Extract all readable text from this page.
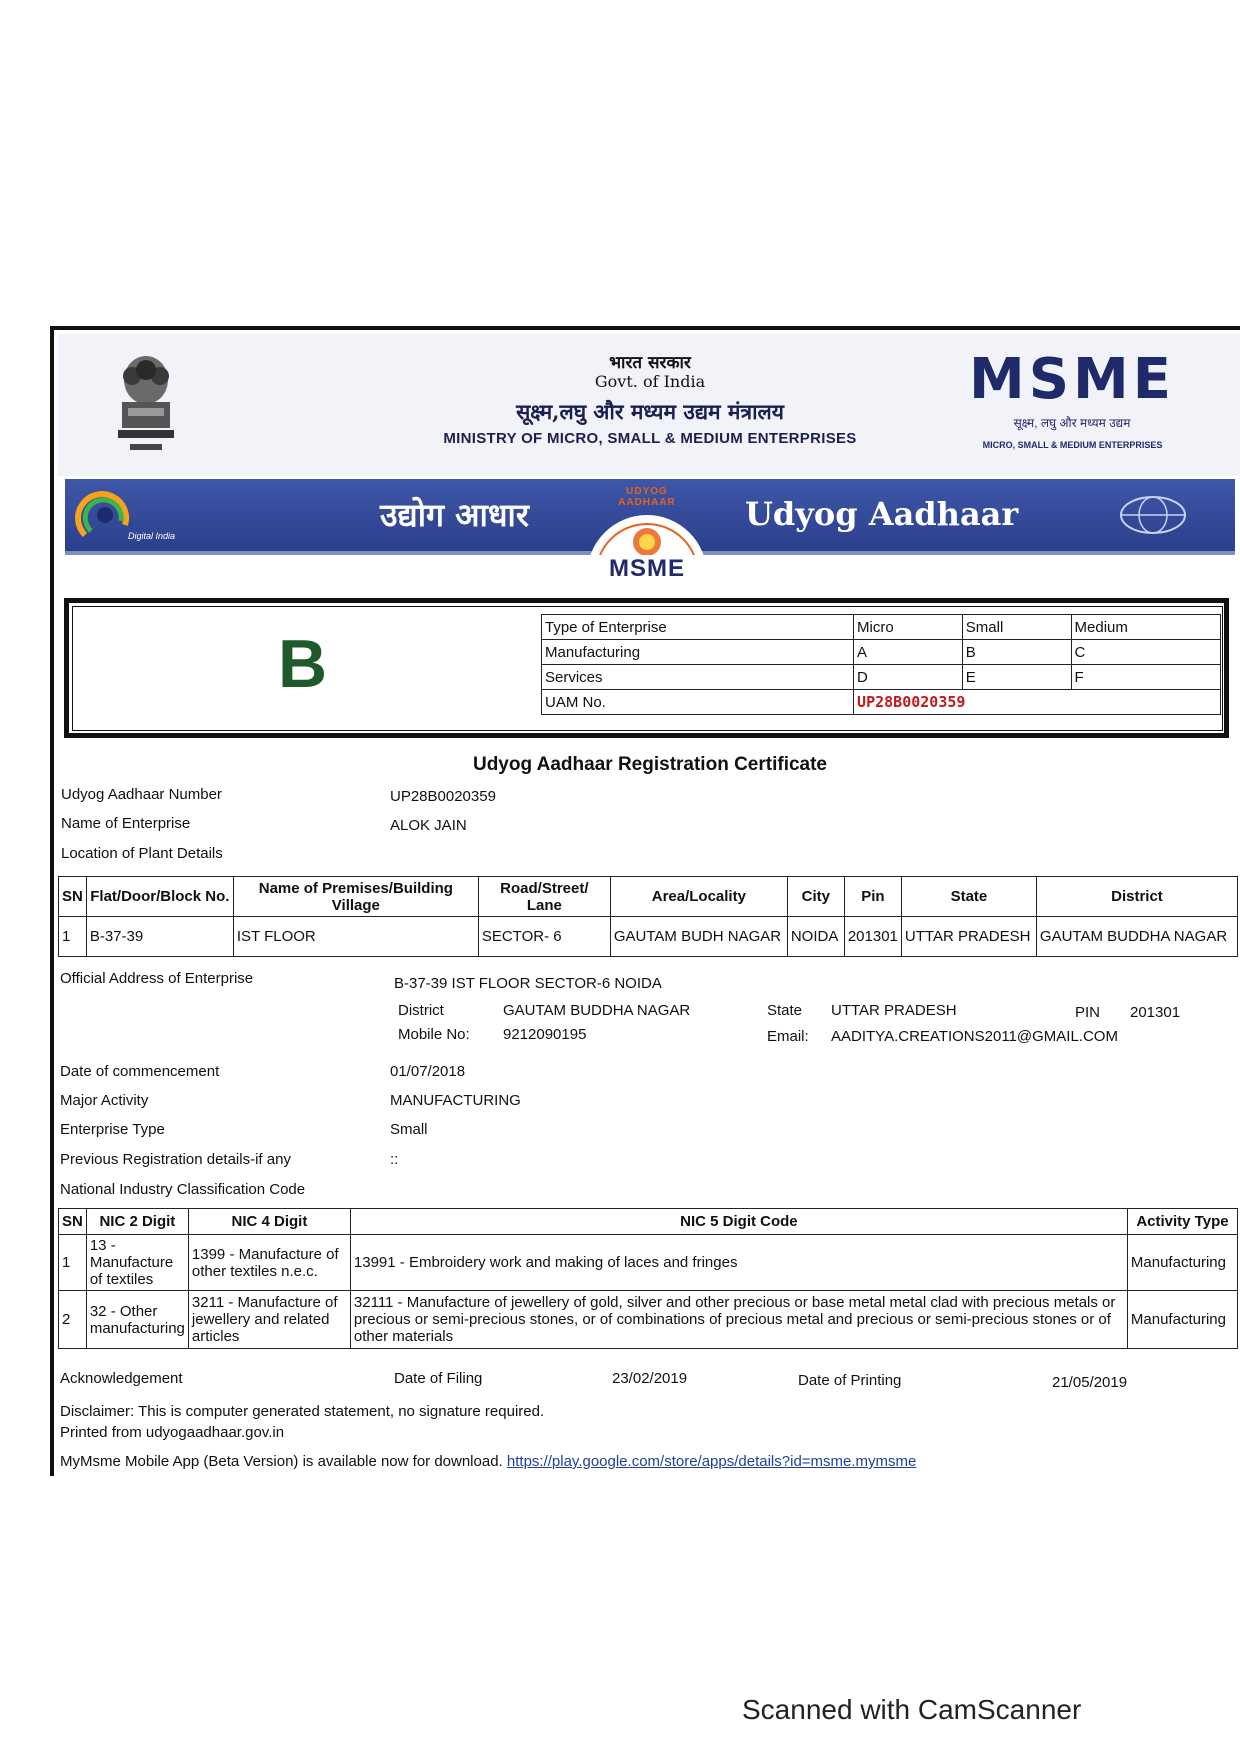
भारत सरकार
Govt. of India
सूक्ष्म,लघु और मध्यम उद्यम मंत्रालय
MINISTRY OF MICRO, SMALL & MEDIUM ENTERPRISES
MSME
सूक्ष्म, लघु और मध्यम उद्यम
MICRO, SMALL & MEDIUM ENTERPRISES
Digital India
उद्योग आधार	Udyog Aadhaar
UDYOG AADHAAR
MSME
B	Type of Enterprise	Micro	Small	Medium
Manufacturing	A	B	C
Services	D	E	F
UAM No.	UP28B0020359		
Udyog Aadhaar Registration Certificate
Udyog Aadhaar Number	UP28B0020359
Name of Enterprise	ALOK JAIN
Location of Plant Details
SN	Flat/Door/Block No.	Name of Premises/Building Village	Road/Street/ Lane	Area/Locality	City	Pin	State	District
1	B-37-39	IST FLOOR	SECTOR- 6	GAUTAM BUDH NAGAR	NOIDA	201301	UTTAR PRADESH	GAUTAM BUDDHA NAGAR
Official Address of Enterprise	B-37-39 IST FLOOR SECTOR-6 NOIDA
District	GAUTAM BUDDHA NAGAR	State UTTAR PRADESH	PIN 201301
Mobile No: 9212090195	Email: AADITYA.CREATIONS2011@GMAIL.COM
Date of commencement	01/07/2018
Major Activity	MANUFACTURING
Enterprise Type	Small
Previous Registration details-if any	::
National Industry Classification Code
SN	NIC 2 Digit	NIC 4 Digit	NIC 5 Digit Code	Activity Type
1	13 - Manufacture of textiles	1399 - Manufacture of other textiles n.e.c.	13991 - Embroidery work and making of laces and fringes	Manufacturing
2	32 - Other manufacturing	3211 - Manufacture of jewellery and related articles	32111 - Manufacture of jewellery of gold, silver and other precious or base metal metal clad with precious metals or precious or semi-precious stones, or of combinations of precious metal and precious or semi-precious stones or of other materials	Manufacturing
Acknowledgement	Date of Filing	23/02/2019	Date of Printing	21/05/2019
Disclaimer: This is computer generated statement, no signature required.
Printed from udyogaadhaar.gov.in
MyMsme Mobile App (Beta Version) is available now for download. https://play.google.com/store/apps/details?id=msme.mymsme
Scanned with CamScanner
